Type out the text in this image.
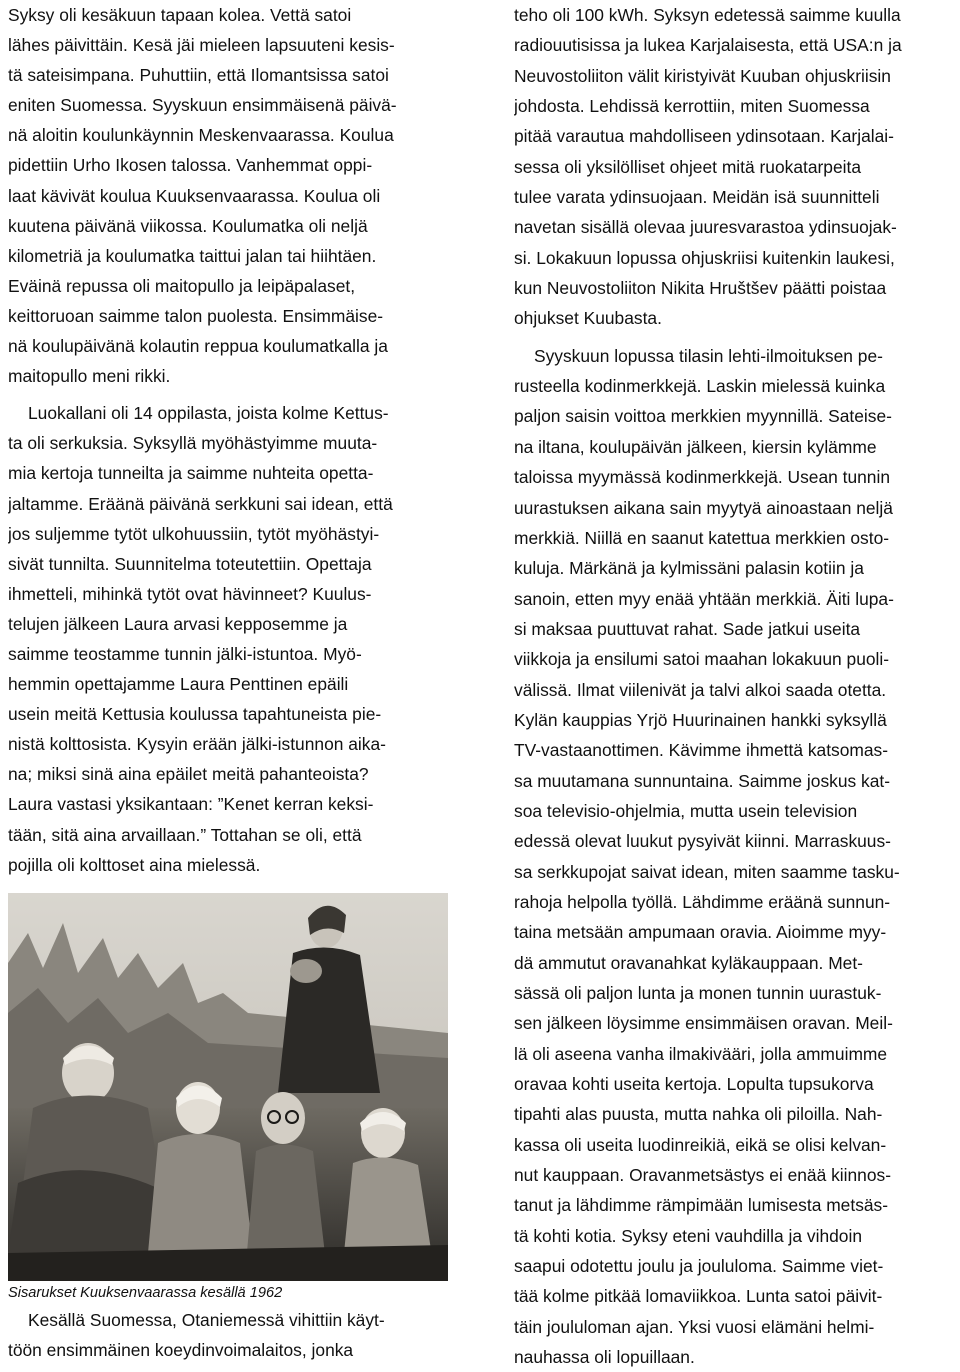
Syksy oli kesäkuun tapaan kolea. Vettä satoi
lähes päivittäin. Kesä jäi mieleen lapsuuteni kesis-
tä sateisimpana. Puhuttiin, että Ilomantsissa satoi
eniten Suomessa. Syyskuun ensimmäisenä päivä-
nä aloitin koulunkäynnin Meskenvaarassa. Koulua
pidettiin Urho Ikosen talossa. Vanhemmat oppi-
laat kävivät koulua Kuuksenvaarassa. Koulua oli
kuutena päivänä viikossa. Koulumatka oli neljä
kilometriä ja koulumatka taittui jalan tai hiihtäen.
Eväinä repussa oli maitopullo ja leipäpalaset,
keittoruoan saimme talon puolesta. Ensimmäise-
nä koulupäivänä kolautin reppua koulumatkalla ja
maitopullo meni rikki.
Luokallani oli 14 oppilasta, joista kolme Kettus-
ta oli serkuksia. Syksyllä myöhästyimme muuta-
mia kertoja tunneilta ja saimme nuhteita opetta-
jaltamme. Eräänä päivänä serkkuni sai idean, että
jos suljemme tytöt ulkohuussiin, tytöt myöhästyi-
sivät tunnilta. Suunnitelma toteutettiin. Opettaja
ihmetteli, mihinkä tytöt ovat hävinneet? Kuulus-
telujen jälkeen Laura arvasi kepposemme ja
saimme teostamme tunnin jälki-istuntoa. Myö-
hemmin opettajamme Laura Penttinen epäili
usein meitä Kettusia koulussa tapahtuneista pie-
nistä kolttosista. Kysyin erään jälki-istunnon aika-
na; miksi sinä aina epäilet meitä pahanteoista?
Laura vastasi yksikantaan: ”Kenet kerran keksi-
tään, sitä aina arvaillaan.” Tottahan se oli, että
pojilla oli kolttoset aina mielessä.
Sisarukset Kuuksenvaarassa kesällä 1962
Kesällä Suomessa, Otaniemessä vihittiin käyt-
töön ensimmäinen koeydinvoimalaitos, jonka
teho oli 100 kWh. Syksyn edetessä saimme kuulla
radiouutisissa ja lukea Karjalaisesta, että USA:n ja
Neuvostoliiton välit kiristyivät Kuuban ohjuskriisin
johdosta. Lehdissä kerrottiin, miten Suomessa
pitää varautua mahdolliseen ydinsotaan. Karjalai-
sessa oli yksilölliset ohjeet mitä ruokatarpeita
tulee varata ydinsuojaan. Meidän isä suunnitteli
navetan sisällä olevaa juuresvarastoa ydinsuojak-
si. Lokakuun lopussa ohjuskriisi kuitenkin laukesi,
kun Neuvostoliiton Nikita Hruštšev päätti poistaa
ohjukset Kuubasta.
Syyskuun lopussa tilasin lehti-ilmoituksen pe-
rusteella kodinmerkkejä. Laskin mielessä kuinka
paljon saisin voittoa merkkien myynnillä. Sateise-
na iltana, koulupäivän jälkeen, kiersin kylämme
taloissa myymässä kodinmerkkejä. Usean tunnin
uurastuksen aikana sain myytyä ainoastaan neljä
merkkiä. Niillä en saanut katettua merkkien osto-
kuluja. Märkänä ja kylmissäni palasin kotiin ja
sanoin, etten myy enää yhtään merkkiä. Äiti lupa-
si maksaa puuttuvat rahat. Sade jatkui useita
viikkoja ja ensilumi satoi maahan lokakuun puoli-
välissä. Ilmat viilenivät ja talvi alkoi saada otetta.
Kylän kauppias Yrjö Huurinainen hankki syksyllä
TV-vastaanottimen. Kävimme ihmettä katsomas-
sa muutamana sunnuntaina. Saimme joskus kat-
soa televisio-ohjelmia, mutta usein television
edessä olevat luukut pysyivät kiinni. Marraskuus-
sa serkkupojat saivat idean, miten saamme tasku-
rahoja helpolla työllä. Lähdimme eräänä sunnun-
taina metsään ampumaan oravia. Aioimme myy-
dä ammutut oravanahkat kyläkauppaan. Met-
sässä oli paljon lunta ja monen tunnin uurastuk-
sen jälkeen löysimme ensimmäisen oravan. Meil-
lä oli aseena vanha ilmakivääri, jolla ammuimme
oravaa kohti useita kertoja. Lopulta tupsukorva
tipahti alas puusta, mutta nahka oli piloilla. Nah-
kassa oli useita luodinreikiä, eikä se olisi kelvan-
nut kauppaan. Oravanmetsästys ei enää kiinnos-
tanut ja lähdimme rämpimään lumisesta metsäs-
tä kohti kotia. Syksy eteni vauhdilla ja vihdoin
saapui odotettu joulu ja joululoma. Saimme viet-
tää kolme pitkää lomaviikkoa. Lunta satoi päivit-
täin joululoman ajan. Yksi vuosi elämäni helmi-
nauhassa oli lopuillaan.
